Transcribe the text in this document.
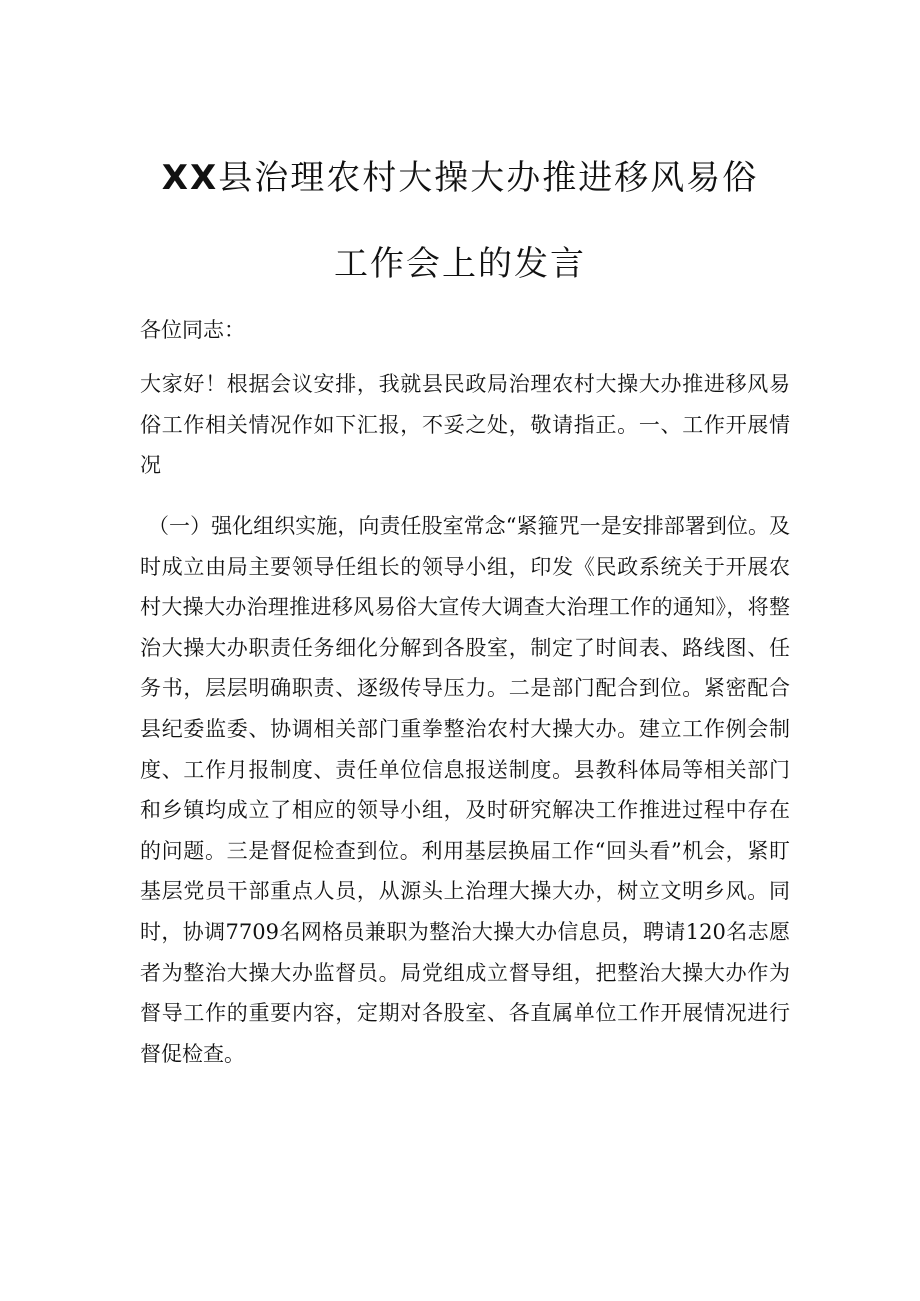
XX县治理农村大操大办推进移风易俗
工作会上的发言

各位同志：

大家好！根据会议安排，我就县民政局治理农村大操大办推进移风易俗工作相关情况作如下汇报，不妥之处，敬请指正。一、工作开展情况

（一）强化组织实施，向责任股室常念“紧箍咒一是安排部署到位。及时成立由局主要领导任组长的领导小组，印发《民政系统关于开展农村大操大办治理推进移风易俗大宣传大调查大治理工作的通知》，将整治大操大办职责任务细化分解到各股室，制定了时间表、路线图、任务书，层层明确职责、逐级传导压力。二是部门配合到位。紧密配合县纪委监委、协调相关部门重拳整治农村大操大办。建立工作例会制度、工作月报制度、责任单位信息报送制度。县教科体局等相关部门和乡镇均成立了相应的领导小组，及时研究解决工作推进过程中存在的问题。三是督促检查到位。利用基层换届工作“回头看”机会，紧盯基层党员干部重点人员，从源头上治理大操大办，树立文明乡风。同时，协调7709名网格员兼职为整治大操大办信息员，聘请120名志愿者为整治大操大办监督员。局党组成立督导组，把整治大操大办作为督导工作的重要内容，定期对各股室、各直属单位工作开展情况进行督促检查。
